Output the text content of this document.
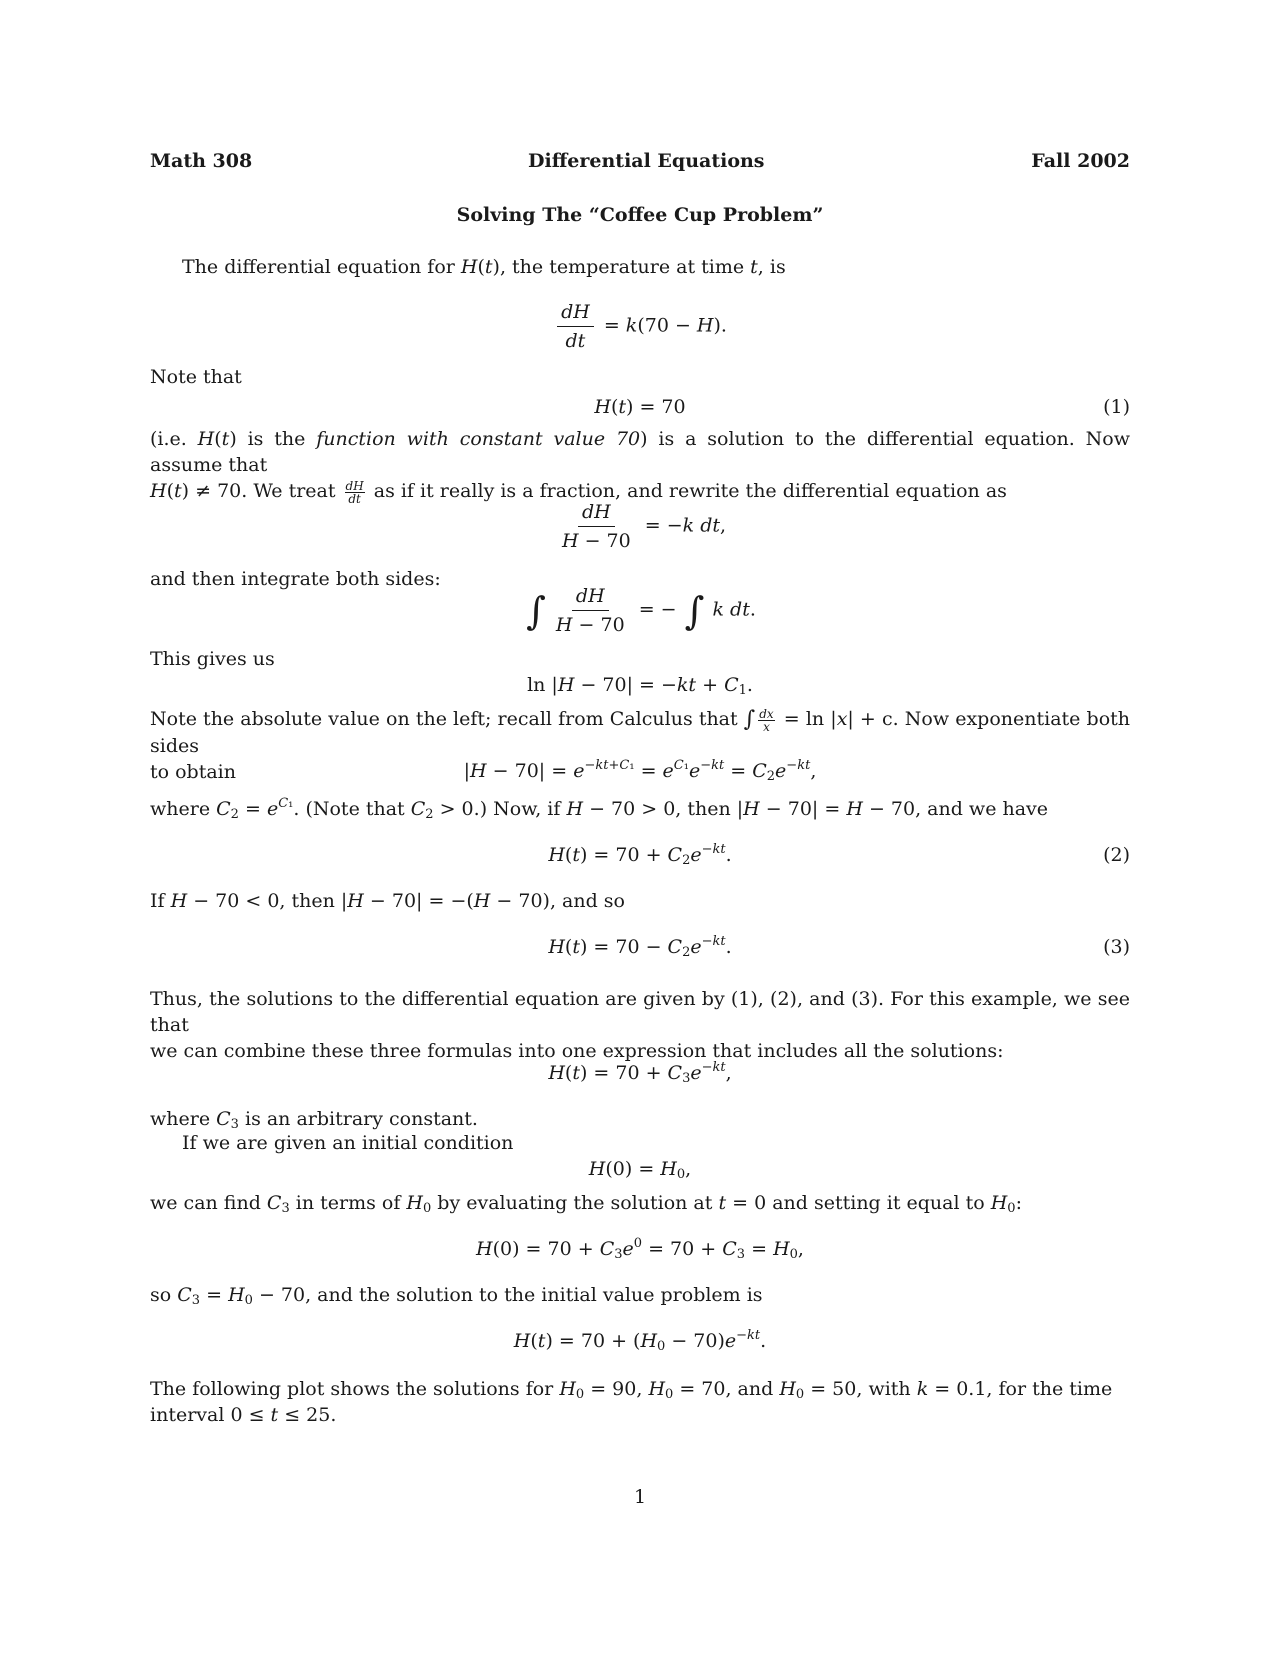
Math 308	Differential Equations	Fall 2002
Solving The “Coffee Cup Problem”
The differential equation for H(t), the temperature at time t, is
$\frac{dH}{dt} = k(70 - H)$.
Note that
H(t) = 70	(1)
(i.e. H(t) is the function with constant value 70) is a solution to the differential equation. Now assume that
H(t) ≠ 70. We treat $\frac{dH}{dt}$ as if it really is a fraction, and rewrite the differential equation as
$\frac{dH}{H - 70} = -k$ dt,
and then integrate both sides:
∫ $\frac{dH}{H - 70}$ = − ∫ k dt.
This gives us
$\ln |H - 70| = -kt + C_1$.
Note the absolute value on the left; recall from Calculus that ∫ $\frac{dx}{x} = \ln |x| + c$. Now exponentiate both sides
to obtain	$|H - 70| = e^{-kt+C_1} = e^{C_1}e^{-kt} = C_2e^{-kt}$,
where $C_2 = e^{C_1}$. (Note that $C_2 > 0$.) Now, if H − 70 > 0, then |H − 70| = H − 70, and we have
$H(t) = 70 + C_2e^{-kt}$.	(2)
If H − 70 < 0, then |H − 70| = −(H − 70), and so
$H(t) = 70 - C_2e^{-kt}$.	(3)
Thus, the solutions to the differential equation are given by (1), (2), and (3). For this example, we see that
we can combine these three formulas into one expression that includes all the solutions:
$H(t) = 70 + C_3e^{-kt}$,
where $C_3$ is an arbitrary constant.
If we are given an initial condition
$H(0) = H_0$,
we can find $C_3$ in terms of $H_0$ by evaluating the solution at t = 0 and setting it equal to $H_0$:
$H(0) = 70 + C_3e^0 = 70 + C_3 = H_0$,
so $C_3 = H_0 - 70$, and the solution to the initial value problem is
$H(t) = 70 + (H_0 - 70)e^{-kt}$.
The following plot shows the solutions for $H_0 = 90$, $H_0 = 70$, and $H_0 = 50$, with k = 0.1, for the time
interval 0 ≤ t ≤ 25.
1
